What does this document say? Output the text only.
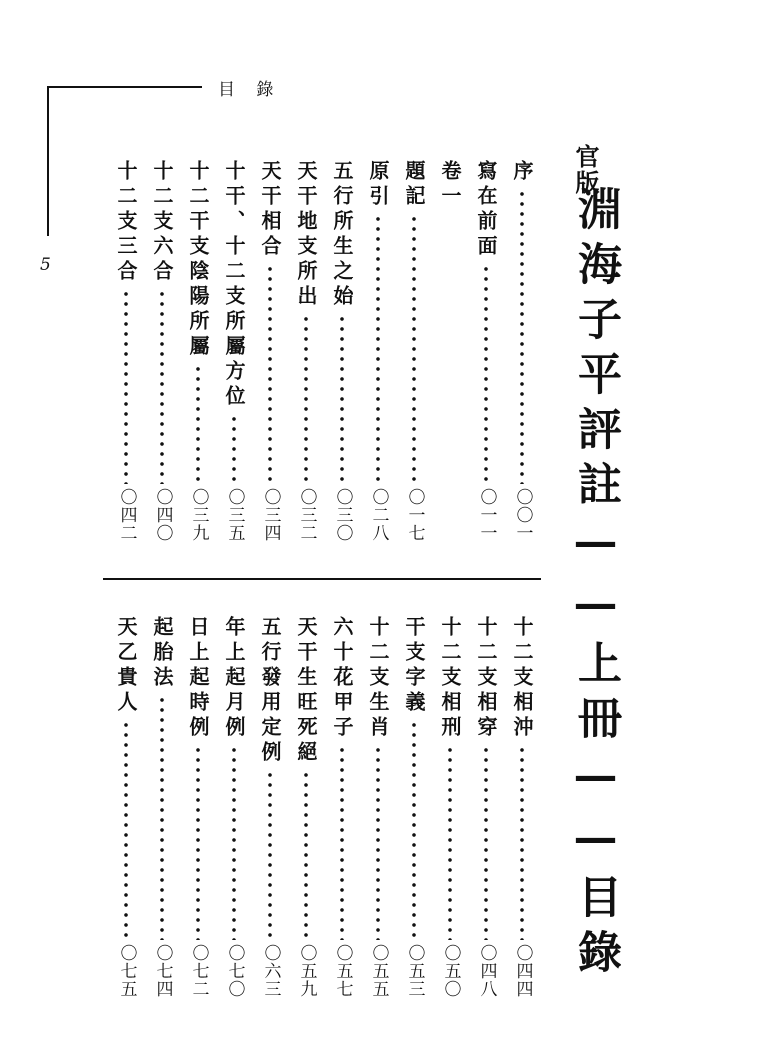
目 錄
5
官版
淵海子平評註——上冊——目錄
序
〇〇一
寫在前面
〇一一
卷一
題記
〇一七
原引
〇二八
五行所生之始
〇三〇
天干地支所出
〇三二
天干相合
〇三四
十干、十二支所屬方位
〇三五
十二干支陰陽所屬
〇三九
十二支六合
〇四〇
十二支三合
〇四二
十二支相沖
〇四四
十二支相穿
〇四八
十二支相刑
〇五〇
干支字義
〇五三
十二支生肖
〇五五
六十花甲子
〇五七
天干生旺死絕
〇五九
五行發用定例
〇六三
年上起月例
〇七〇
日上起時例
〇七二
起胎法
〇七四
天乙貴人
〇七五
